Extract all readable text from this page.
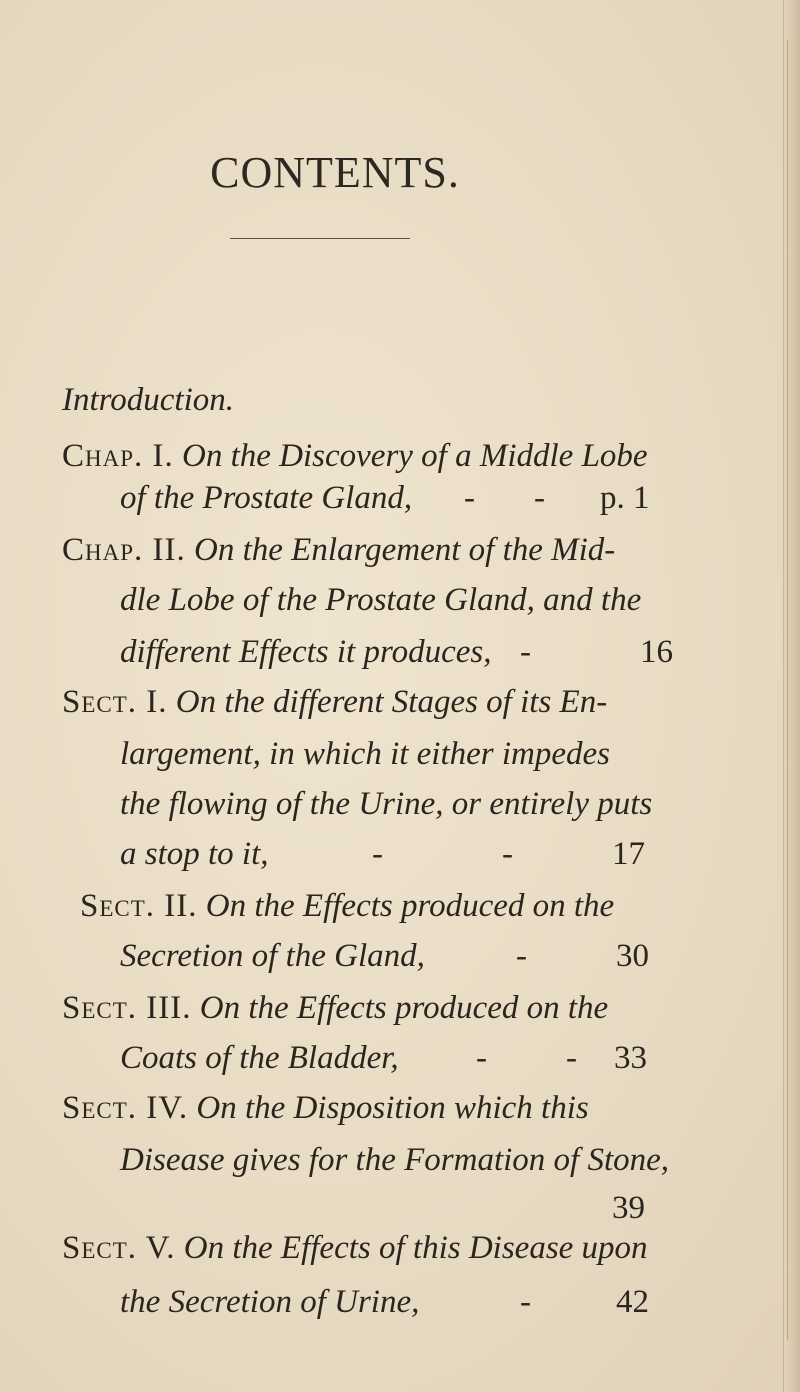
CONTENTS.
Introduction.
Chap. I. On the Discovery of a Middle Lobe
of the Prostate Gland, - - p. 1
Chap. II. On the Enlargement of the Mid-
dle Lobe of the Prostate Gland, and the
different Effects it produces, -	16
Sect. I. On the different Stages of its En-
largement, in which it either impedes
the flowing of the Urine, or entirely puts
a stop to it,	-	-	17
Sect. II. On the Effects produced on the
Secretion of the Gland,	-	30
Sect. III. On the Effects produced on the
Coats of the Bladder, - - 33
Sect. IV. On the Disposition which this
Disease gives for the Formation of Stone,
39
Sect. V. On the Effects of this Disease upon
the Secretion of Urine,	-	42
